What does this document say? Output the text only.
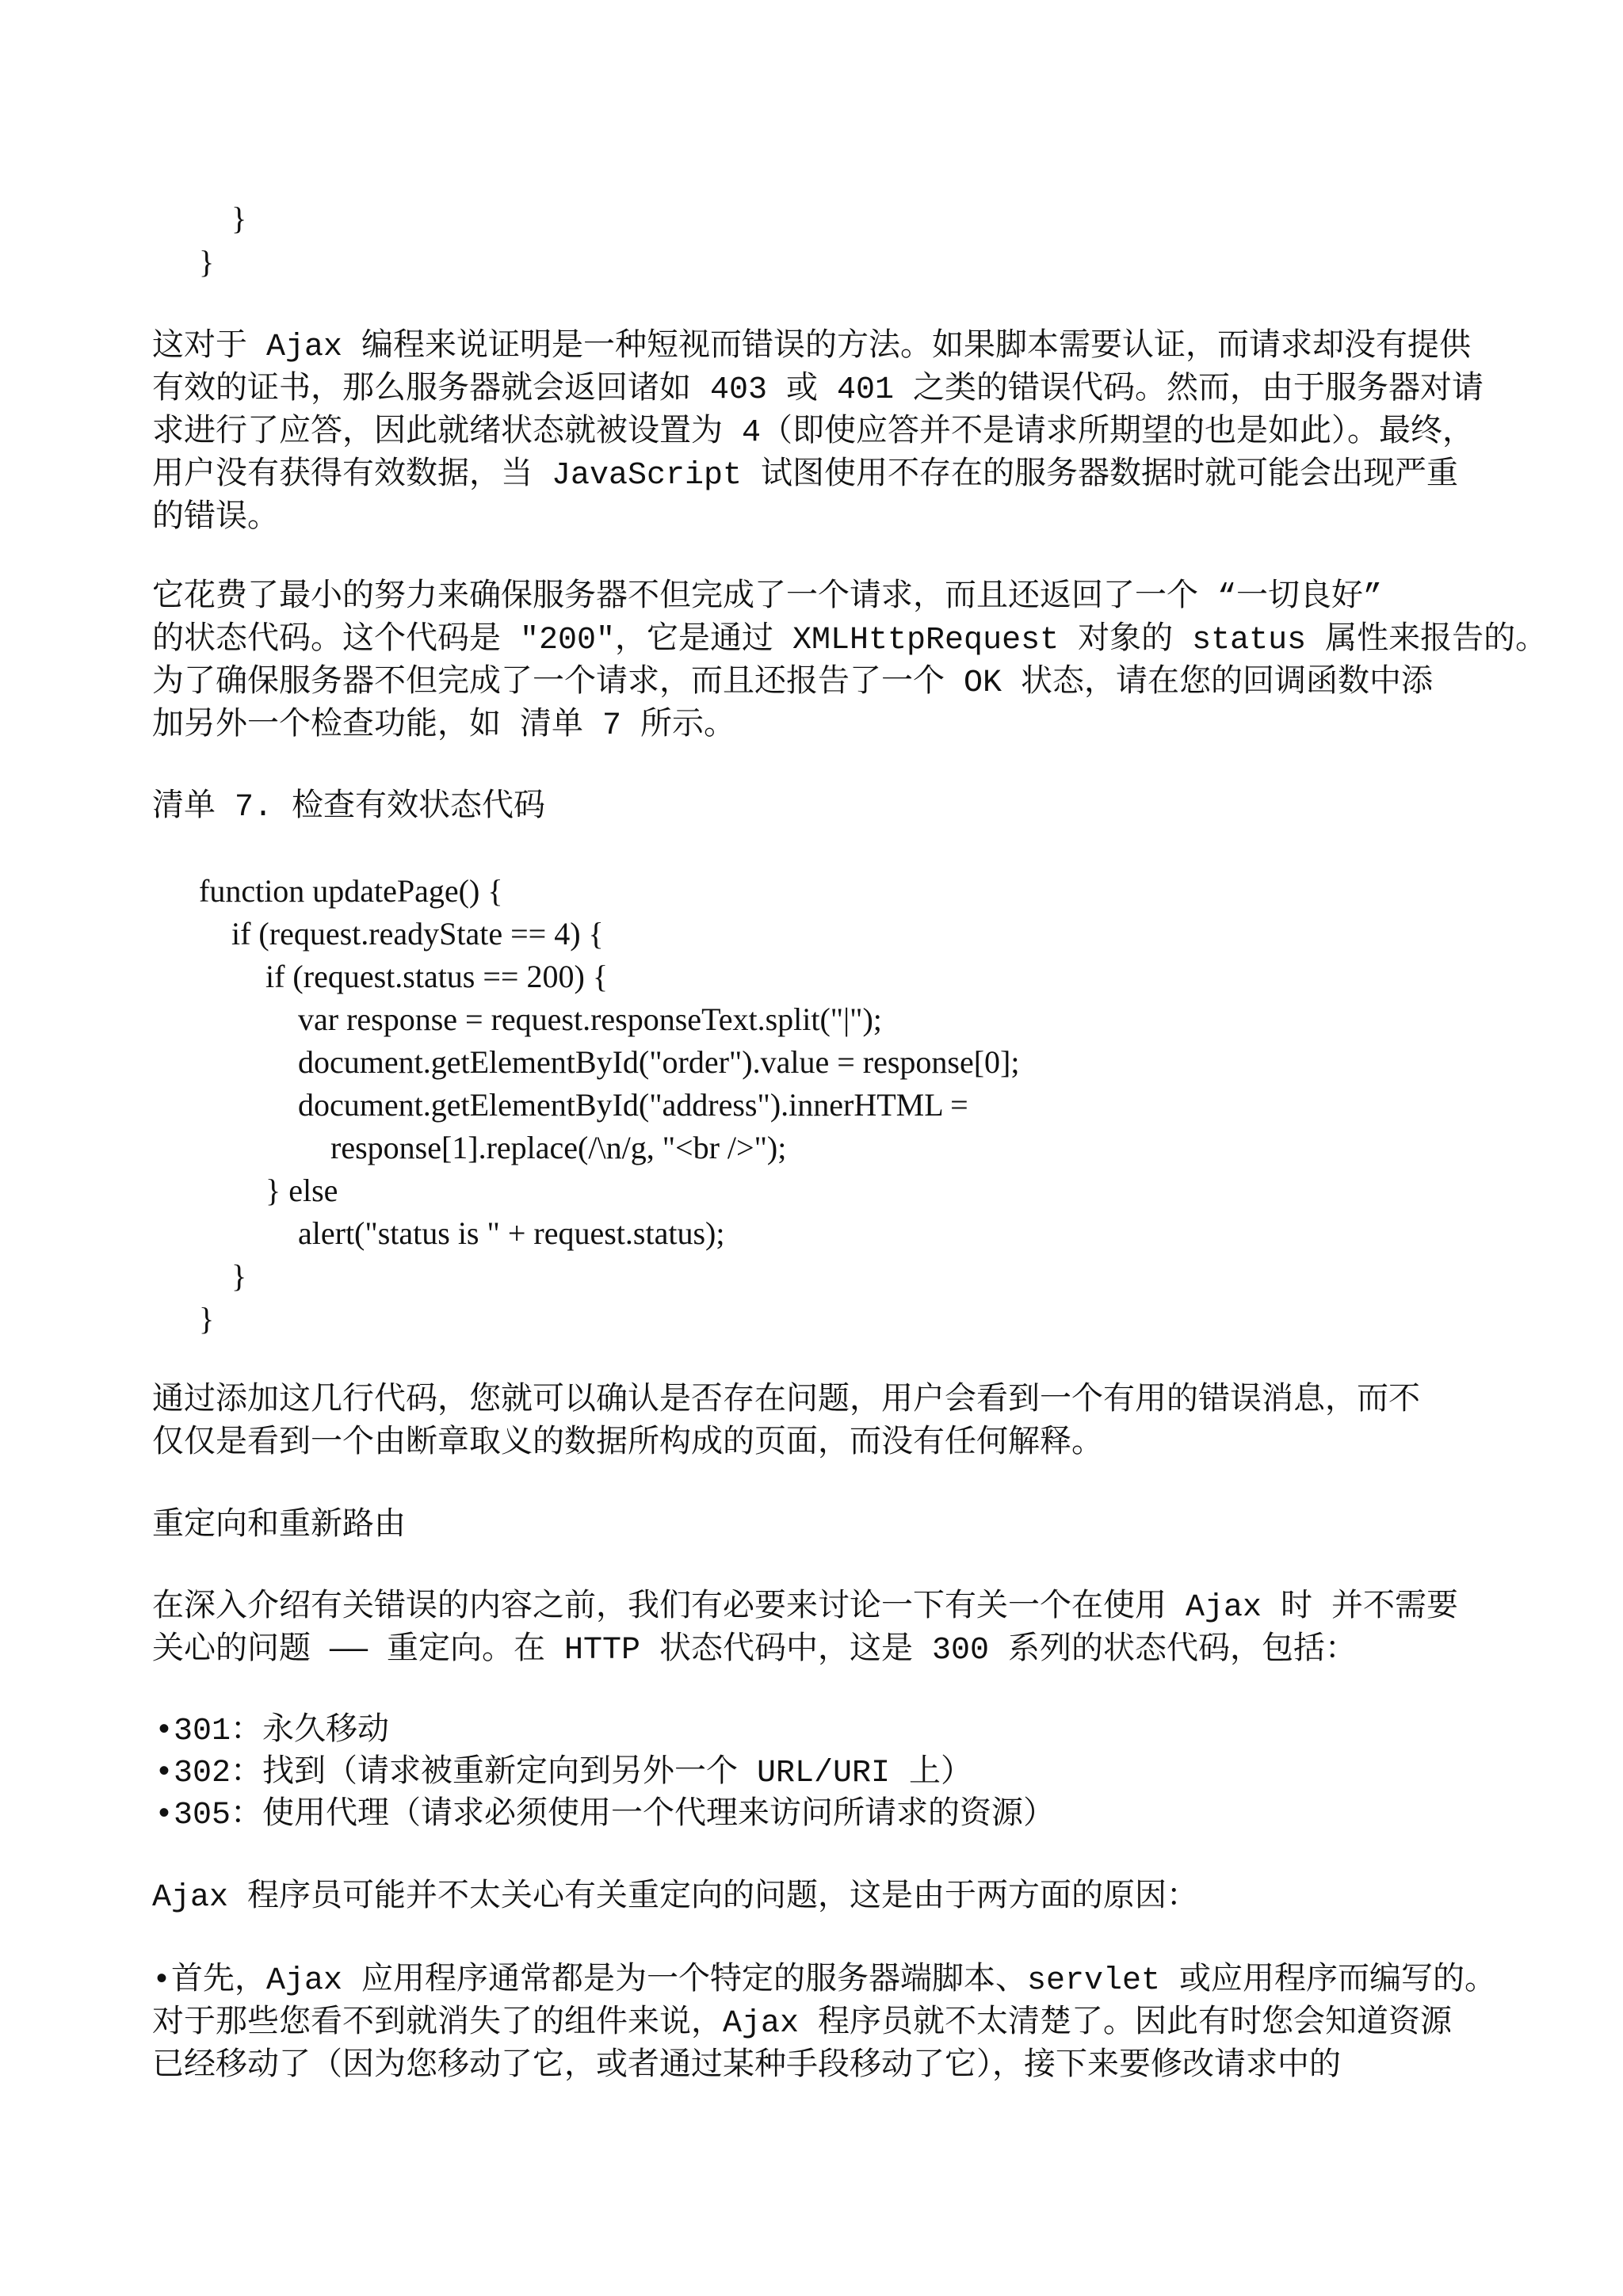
}
}
这对于 Ajax 编程来说证明是一种短视而错误的方法。如果脚本需要认证，而请求却没有提供
有效的证书，那么服务器就会返回诸如 403 或 401 之类的错误代码。然而，由于服务器对请
求进行了应答，因此就绪状态就被设置为 4（即使应答并不是请求所期望的也是如此）。最终，
用户没有获得有效数据，当 JavaScript 试图使用不存在的服务器数据时就可能会出现严重
的错误。
它花费了最小的努力来确保服务器不但完成了一个请求，而且还返回了一个 “一切良好”
的状态代码。这个代码是 "200"，它是通过 XMLHttpRequest 对象的 status 属性来报告的。
为了确保服务器不但完成了一个请求，而且还报告了一个 OK 状态，请在您的回调函数中添
加另外一个检查功能，如 清单 7 所示。
清单 7. 检查有效状态代码
function updatePage() {
if (request.readyState == 4) {
if (request.status == 200) {
var response = request.responseText.split("|");
document.getElementById("order").value = response[0];
document.getElementById("address").innerHTML =
response[1].replace(/\n/g, "<br />");
} else
alert("status is " + request.status);
}
}
通过添加这几行代码，您就可以确认是否存在问题，用户会看到一个有用的错误消息，而不
仅仅是看到一个由断章取义的数据所构成的页面，而没有任何解释。
重定向和重新路由
在深入介绍有关错误的内容之前，我们有必要来讨论一下有关一个在使用 Ajax 时 并不需要
关心的问题 —— 重定向。在 HTTP 状态代码中，这是 300 系列的状态代码，包括：
•301：永久移动
•302：找到（请求被重新定向到另外一个 URL/URI 上）
•305：使用代理（请求必须使用一个代理来访问所请求的资源）
Ajax 程序员可能并不太关心有关重定向的问题，这是由于两方面的原因：
•首先，Ajax 应用程序通常都是为一个特定的服务器端脚本、servlet 或应用程序而编写的。
对于那些您看不到就消失了的组件来说，Ajax 程序员就不太清楚了。因此有时您会知道资源
已经移动了（因为您移动了它，或者通过某种手段移动了它），接下来要修改请求中的
